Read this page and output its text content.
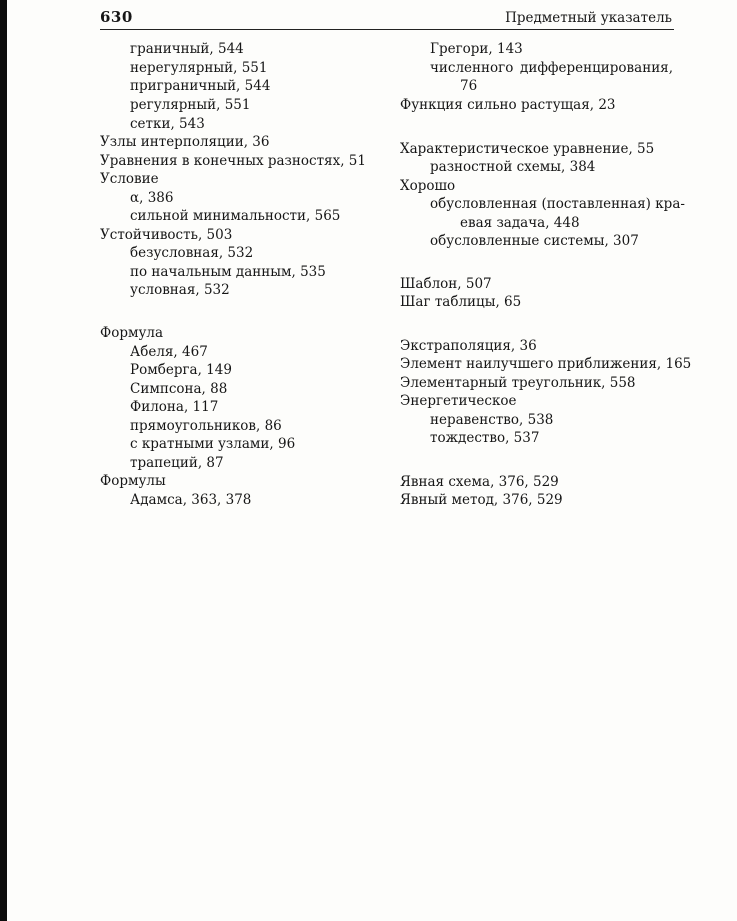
630	Предметный указатель
граничный, 544
нерегулярный, 551
приграничный, 544
регулярный, 551
сетки, 543
Узлы интерполяции, 36
Уравнения в конечных разностях, 51
Условие
α, 386
сильной минимальности, 565
Устойчивость, 503
безусловная, 532
по начальным данным, 535
условная, 532
Формула
Абеля, 467
Ромберга, 149
Симпсона, 88
Филона, 117
прямоугольников, 86
с кратными узлами, 96
трапеций, 87
Формулы
Адамса, 363, 378
Грегори, 143
численного дифференцирования,
76
Функция сильно растущая, 23
Характеристическое уравнение, 55
разностной схемы, 384
Хорошо
обусловленная (поставленная) кра-
евая задача, 448
обусловленные системы, 307
Шаблон, 507
Шаг таблицы, 65
Экстраполяция, 36
Элемент наилучшего приближения, 165
Элементарный треугольник, 558
Энергетическое
неравенство, 538
тождество, 537
Явная схема, 376, 529
Явный метод, 376, 529
